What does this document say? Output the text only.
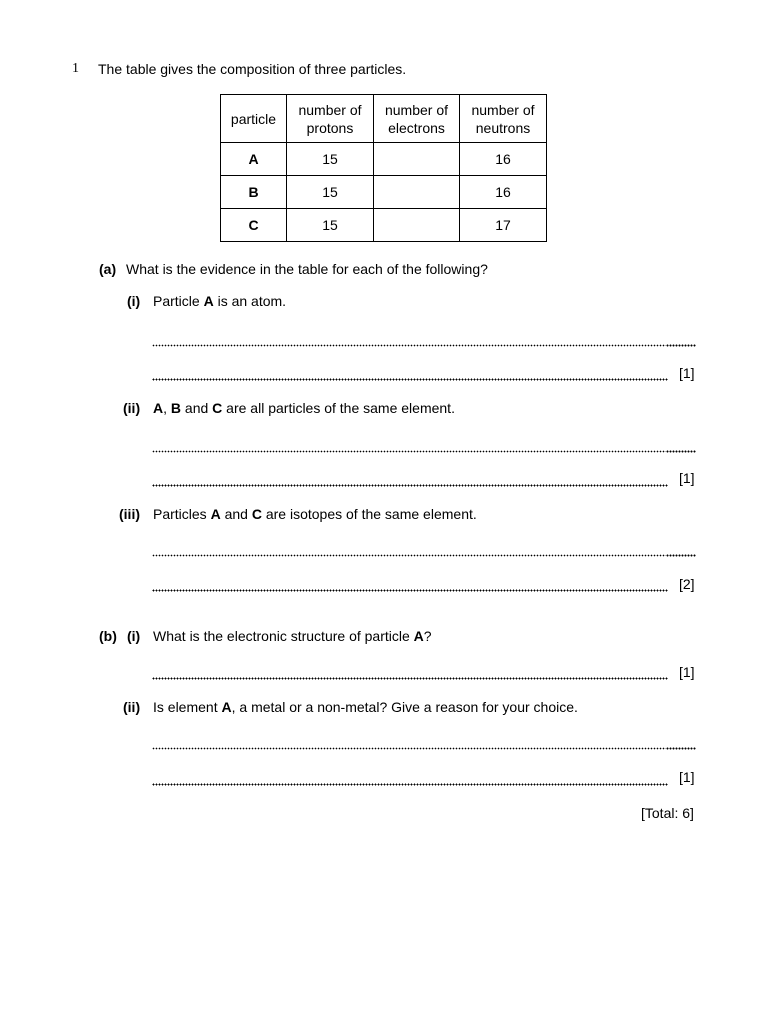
1 The table gives the composition of three particles.
particle	number of protons	number of electrons	number of neutrons

A	15		16
B	15		16
C	15		17
(a) What is the evidence in the table for each of the following?
(i) Particle A is an atom.
[1]
(ii) A, B and C are all particles of the same element.
[1]
(iii) Particles A and C are isotopes of the same element.
[2]
(b) (i) What is the electronic structure of particle A?
[1]
(ii) Is element A, a metal or a non-metal? Give a reason for your choice.
[1]
[Total: 6]
